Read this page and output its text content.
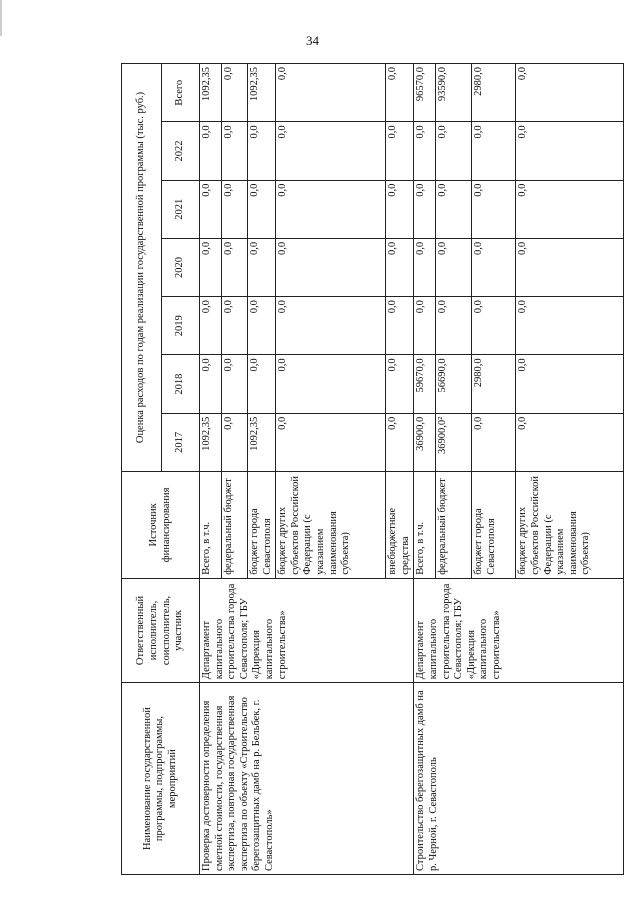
34
Наименование государственной программы, подпрограммы, мероприятий	Ответственный исполнитель, соисполнитель, участник	Источник финансирования	Оценка расходов по годам реализации государственной программы (тыс. руб.)						
			2017	2018	2019	2020	2021	2022	Всего
Проверка достоверности определения сметной стоимости, государственная экспертиза, повторная государственная экспертиза по объекту «Строительство берегозащитных дамб на р. Бельбек, г. Севастополь»	Департамент капитального строительства города Севастополя; ГБУ «Дирекция капитального строительства»	Всего, в т.ч.	1092,35	0,0	0,0	0,0	0,0	0,0	1092,35
		федеральный бюджет	0,0	0,0	0,0	0,0	0,0	0,0	0,0
		бюджет города Севастополя	1092,35	0,0	0,0	0,0	0,0	0,0	1092,35
		бюджет других субъектов Российской Федерации (с указанием наименования субъекта)	0,0	0,0	0,0	0,0	0,0	0,0	0,0
		внебюджетные средства	0,0	0,0	0,0	0,0	0,0	0,0	0,0
Строительство берегозащитных дамб на р. Черной, г. Севастополь	Департамент капитального строительства города Севастополя; ГБУ «Дирекция капитального строительства»	Всего, в т.ч.	36900,0	59670,0	0,0	0,0	0,0	0,0	96570,0
		федеральный бюджет	36900,0²	56690,0	0,0	0,0	0,0	0,0	93590,0
		бюджет города Севастополя	0,0	2980,0	0,0	0,0	0,0	0,0	2980,0
		бюджет других субъектов Российской Федерации (с указанием наименования субъекта)	0,0	0,0	0,0	0,0	0,0	0,0	0,0
